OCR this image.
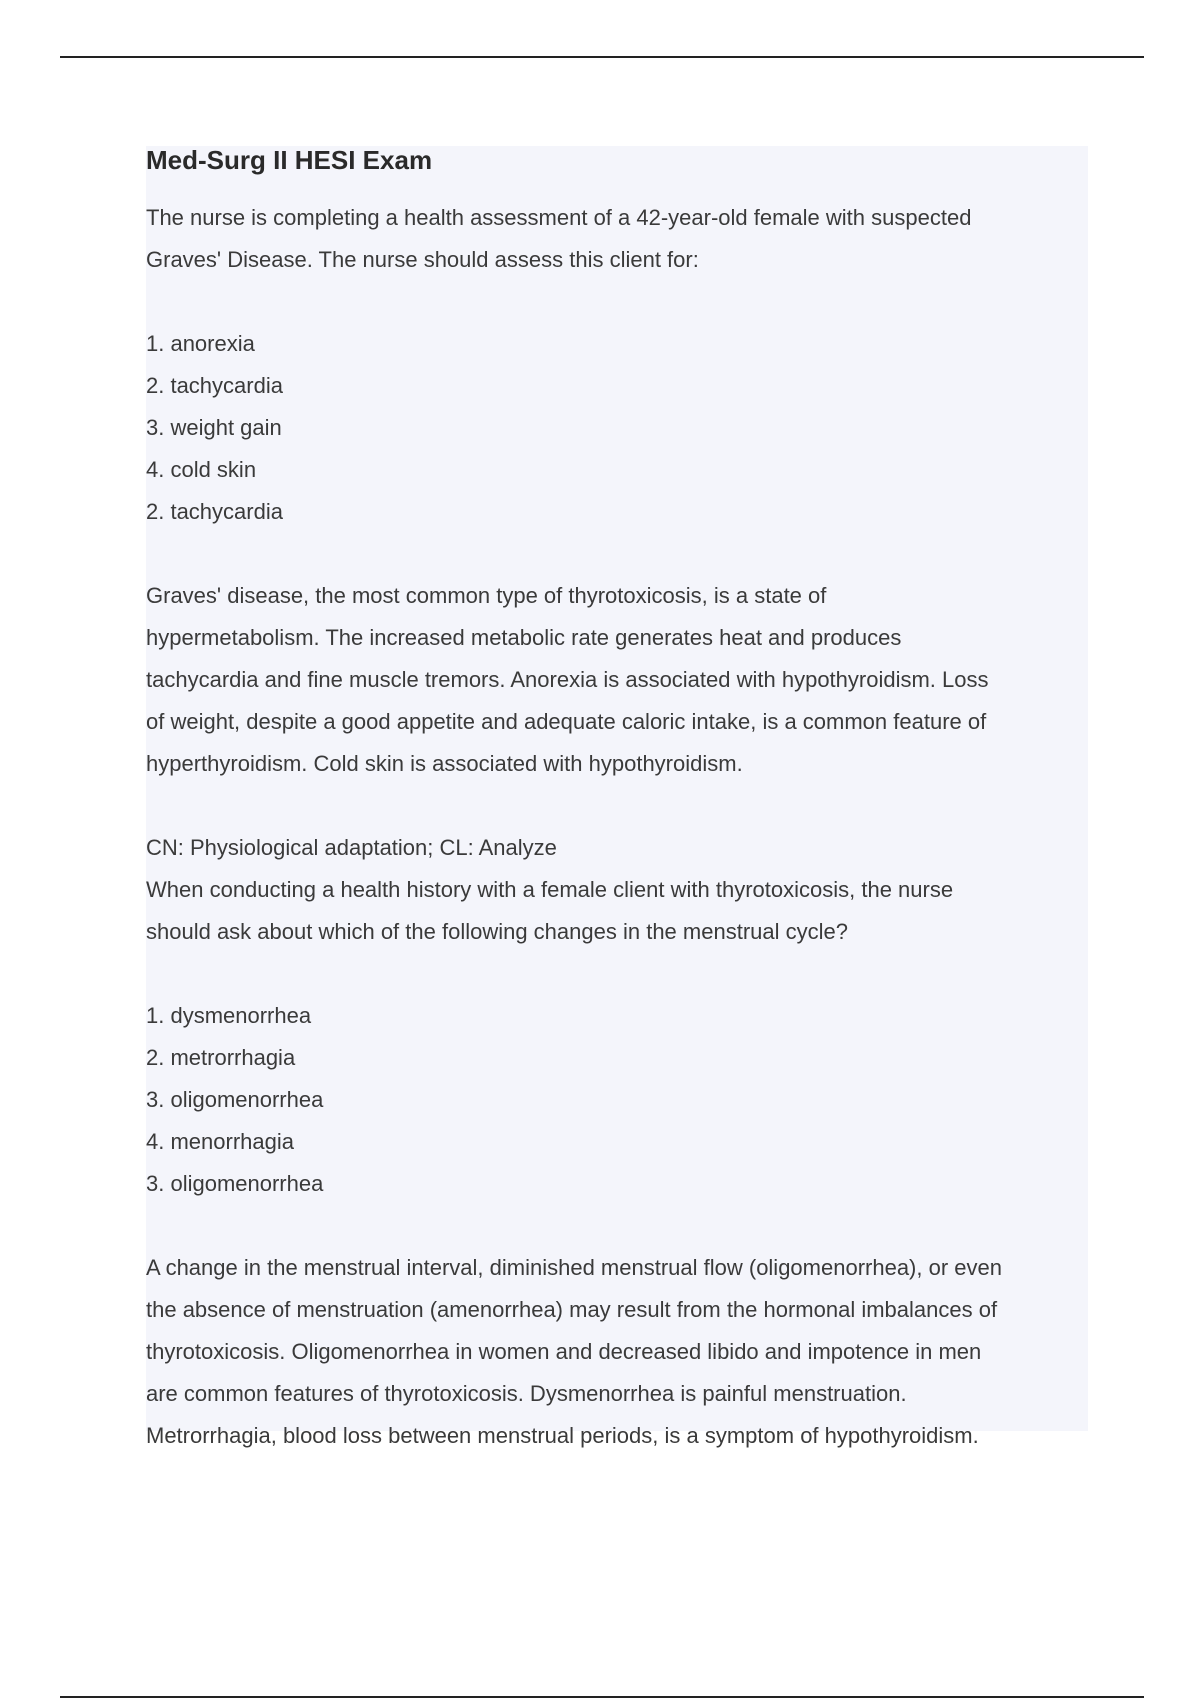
Med-Surg II HESI Exam
The nurse is completing a health assessment of a 42-year-old female with suspected
Graves' Disease. The nurse should assess this client for:
1. anorexia
2. tachycardia
3. weight gain
4. cold skin
2. tachycardia
Graves' disease, the most common type of thyrotoxicosis, is a state of
hypermetabolism. The increased metabolic rate generates heat and produces
tachycardia and fine muscle tremors. Anorexia is associated with hypothyroidism. Loss
of weight, despite a good appetite and adequate caloric intake, is a common feature of
hyperthyroidism. Cold skin is associated with hypothyroidism.
CN: Physiological adaptation; CL: Analyze
When conducting a health history with a female client with thyrotoxicosis, the nurse
should ask about which of the following changes in the menstrual cycle?
1. dysmenorrhea
2. metrorrhagia
3. oligomenorrhea
4. menorrhagia
3. oligomenorrhea
A change in the menstrual interval, diminished menstrual flow (oligomenorrhea), or even
the absence of menstruation (amenorrhea) may result from the hormonal imbalances of
thyrotoxicosis. Oligomenorrhea in women and decreased libido and impotence in men
are common features of thyrotoxicosis. Dysmenorrhea is painful menstruation.
Metrorrhagia, blood loss between menstrual periods, is a symptom of hypothyroidism.
